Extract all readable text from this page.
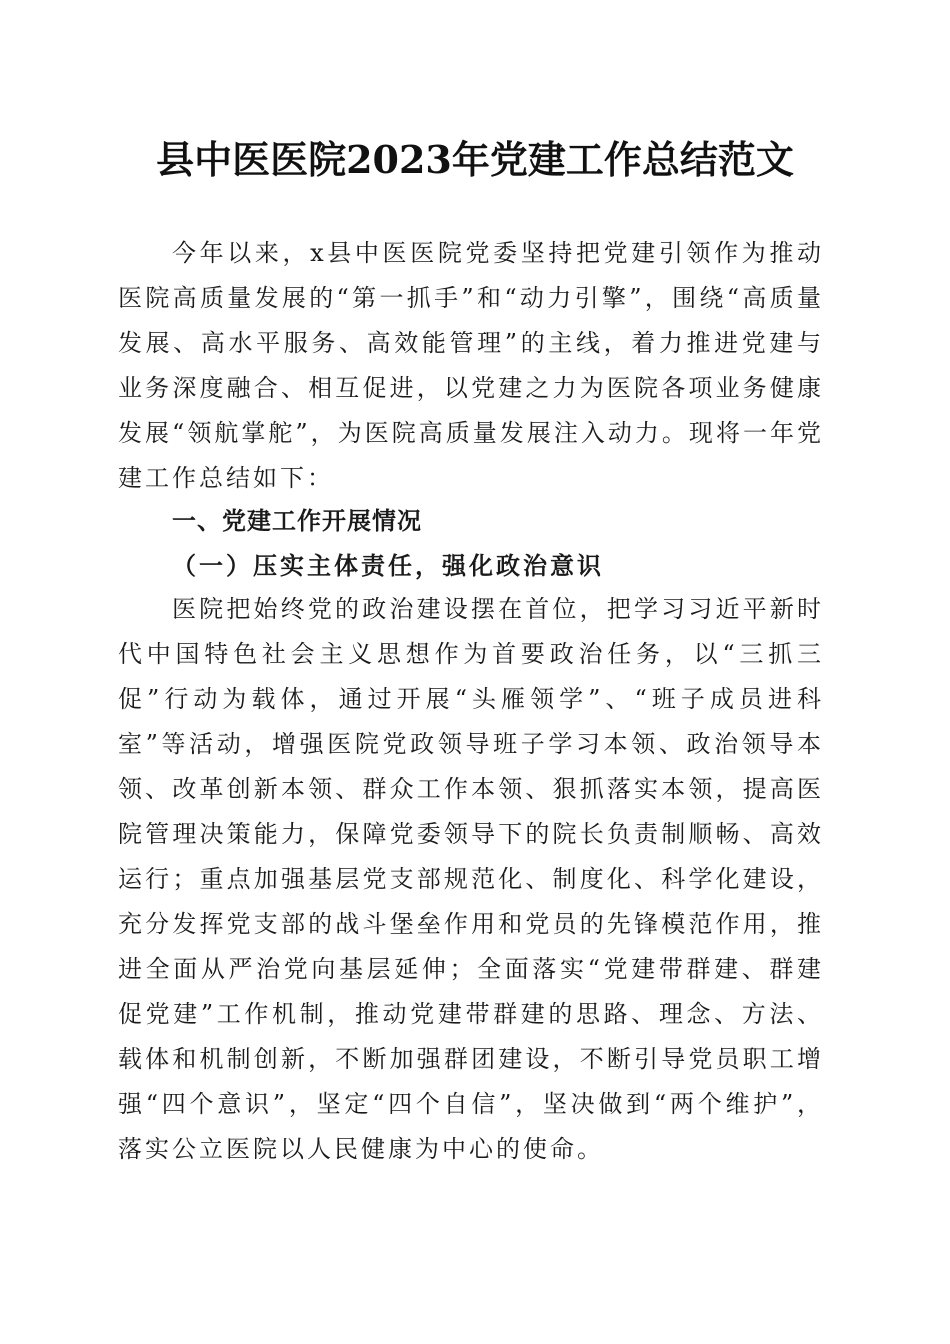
县中医医院2023年党建工作总结范文

今年以来，x县中医医院党委坚持把党建引领作为推动医院高质量发展的“第一抓手”和“动力引擎”，围绕“高质量发展、高水平服务、高效能管理”的主线，着力推进党建与业务深度融合、相互促进，以党建之力为医院各项业务健康发展“领航掌舵”，为医院高质量发展注入动力。现将一年党建工作总结如下：

一、党建工作开展情况
（一）压实主体责任，强化政治意识

医院把始终党的政治建设摆在首位，把学习习近平新时代中国特色社会主义思想作为首要政治任务，以“三抓三促”行动为载体，通过开展“头雁领学”、“班子成员进科室”等活动，增强医院党政领导班子学习本领、政治领导本领、改革创新本领、群众工作本领、狠抓落实本领，提高医院管理决策能力，保障党委领导下的院长负责制顺畅、高效运行；重点加强基层党支部规范化、制度化、科学化建设，充分发挥党支部的战斗堡垒作用和党员的先锋模范作用，推进全面从严治党向基层延伸；全面落实“党建带群建、群建促党建”工作机制，推动党建带群建的思路、理念、方法、载体和机制创新，不断加强群团建设，不断引导党员职工增强“四个意识”，坚定“四个自信”，坚决做到“两个维护”，落实公立医院以人民健康为中心的使命。
